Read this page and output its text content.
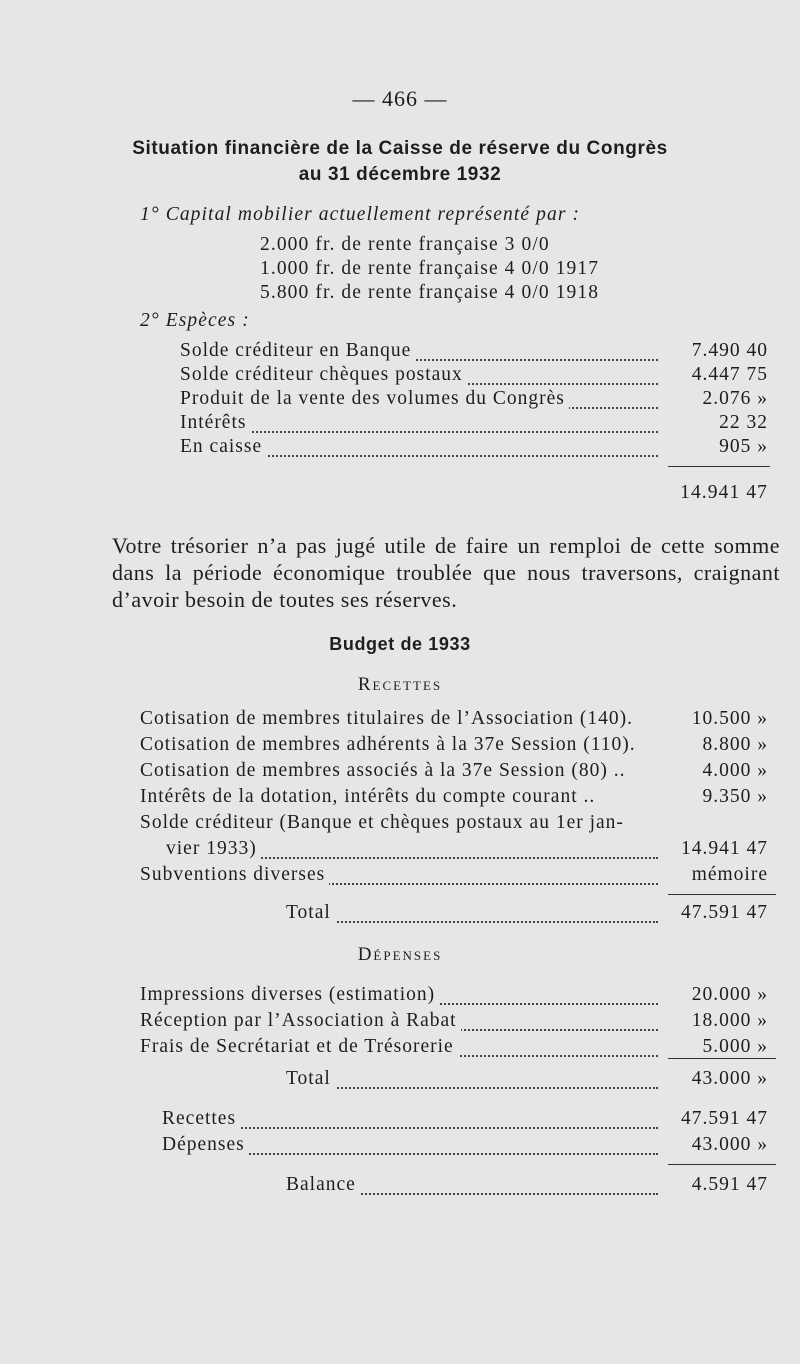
— 466 —
Situation financière de la Caisse de réserve du Congrès
au 31 décembre 1932
1° Capital mobilier actuellement représenté par :
2.000 fr. de rente française 3 0/0
1.000 fr. de rente française 4 0/0 1917
5.800 fr. de rente française 4 0/0 1918
2° Espèces :
Solde créditeur en Banque	7.490 40
Solde créditeur chèques postaux	4.447 75
Produit de la vente des volumes du Congrès	2.076 »
Intérêts	22 32
En caisse	905 »
14.941 47
Votre trésorier n’a pas jugé utile de faire un remploi de cette somme dans la période économique troublée que nous traversons, craignant d’avoir besoin de toutes ses réserves.
Budget de 1933
Recettes
Cotisation de membres titulaires de l’Association (140).	10.500 »
Cotisation de membres adhérents à la 37e Session (110).	8.800 »
Cotisation de membres associés à la 37e Session (80) ..	4.000 »
Intérêts de la dotation, intérêts du compte courant ..	9.350 »
Solde créditeur (Banque et chèques postaux au 1er jan-
vier 1933)	14.941 47
Subventions diverses	mémoire
Total	47.591 47
Dépenses
Impressions diverses (estimation)	20.000 »
Réception par l’Association à Rabat	18.000 »
Frais de Secrétariat et de Trésorerie	5.000 »
Total	43.000 »
Recettes	47.591 47
Dépenses	43.000 »
Balance	4.591 47
